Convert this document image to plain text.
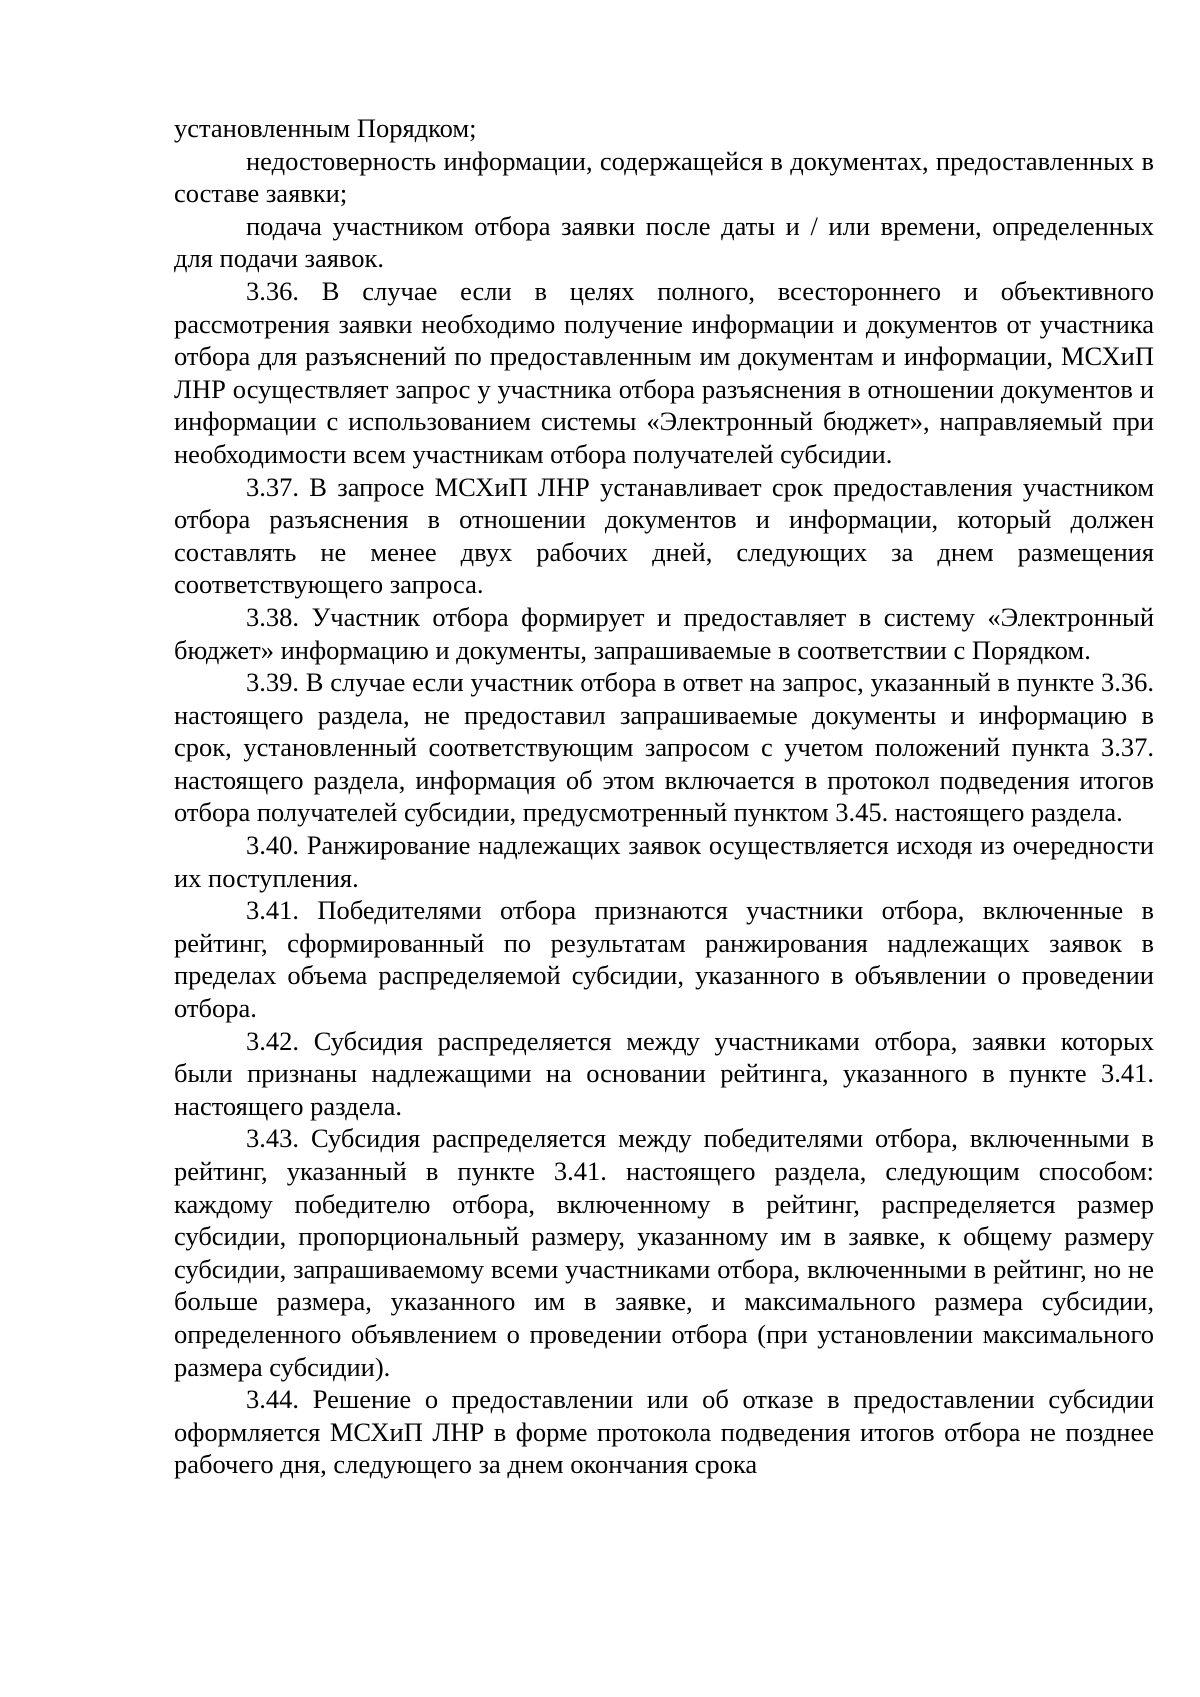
установленным Порядком;

недостоверность информации, содержащейся в документах, предоставленных в составе заявки;

подача участником отбора заявки после даты и / или времени, определенных для подачи заявок.

3.36. В случае если в целях полного, всестороннего и объективного рассмотрения заявки необходимо получение информации и документов от участника отбора для разъяснений по предоставленным им документам и информации, МСХиП ЛНР осуществляет запрос у участника отбора разъяснения в отношении документов и информации с использованием системы «Электронный бюджет», направляемый при необходимости всем участникам отбора получателей субсидии.

3.37. В запросе МСХиП ЛНР устанавливает срок предоставления участником отбора разъяснения в отношении документов и информации, который должен составлять не менее двух рабочих дней, следующих за днем размещения соответствующего запроса.

3.38. Участник отбора формирует и предоставляет в систему «Электронный бюджет» информацию и документы, запрашиваемые в соответствии с Порядком.

3.39. В случае если участник отбора в ответ на запрос, указанный в пункте 3.36. настоящего раздела, не предоставил запрашиваемые документы и информацию в срок, установленный соответствующим запросом с учетом положений пункта 3.37. настоящего раздела, информация об этом включается в протокол подведения итогов отбора получателей субсидии, предусмотренный пунктом 3.45. настоящего раздела.

3.40. Ранжирование надлежащих заявок осуществляется исходя из очередности их поступления.

3.41. Победителями отбора признаются участники отбора, включенные в рейтинг, сформированный по результатам ранжирования надлежащих заявок в пределах объема распределяемой субсидии, указанного в объявлении о проведении отбора.

3.42. Субсидия распределяется между участниками отбора, заявки которых были признаны надлежащими на основании рейтинга, указанного в пункте 3.41. настоящего раздела.

3.43. Субсидия распределяется между победителями отбора, включенными в рейтинг, указанный в пункте 3.41. настоящего раздела, следующим способом: каждому победителю отбора, включенному в рейтинг, распределяется размер субсидии, пропорциональный размеру, указанному им в заявке, к общему размеру субсидии, запрашиваемому всеми участниками отбора, включенными в рейтинг, но не больше размера, указанного им в заявке, и максимального размера субсидии, определенного объявлением о проведении отбора (при установлении максимального размера субсидии).

3.44. Решение о предоставлении или об отказе в предоставлении субсидии оформляется МСХиП ЛНР в форме протокола подведения итогов отбора не позднее рабочего дня, следующего за днем окончания срока
